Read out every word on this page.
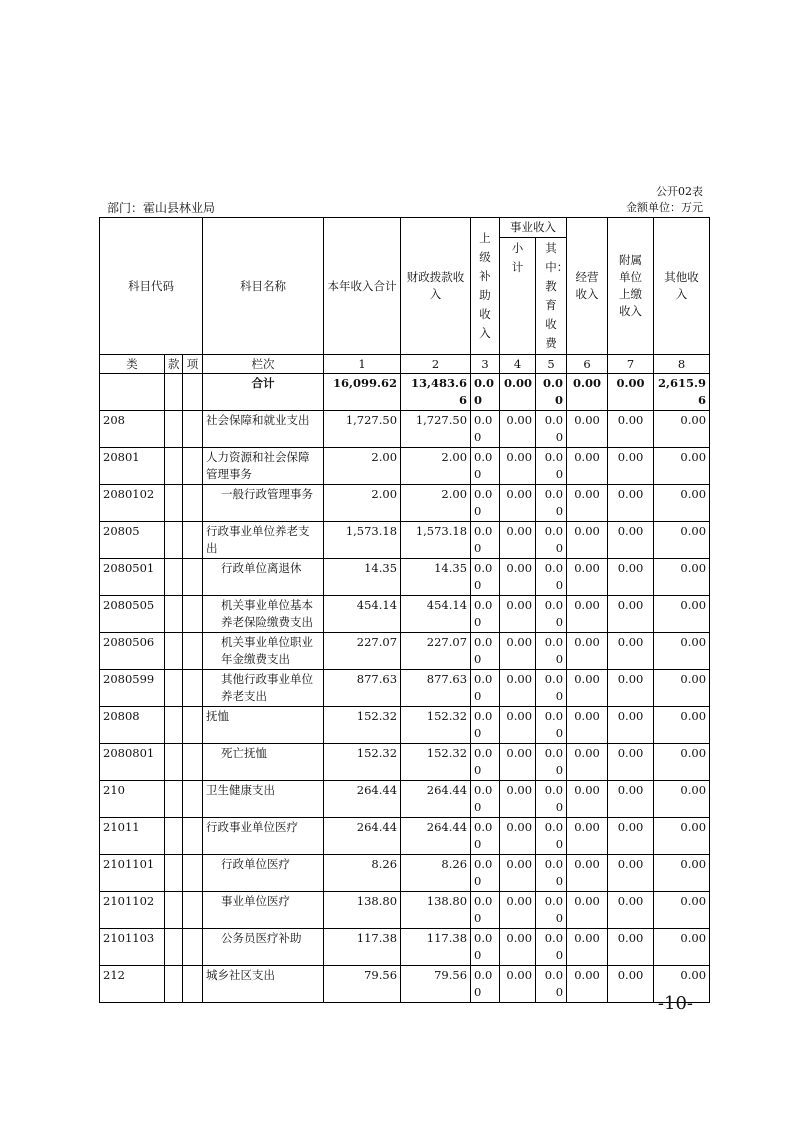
公开02表
部门：霍山县林业局	金额单位：万元
科目代码			科目名称	本年收入合计	财政拨款收入	上级补助收入	事业收入		经营收入	附属单位上缴收入	其他收入

							小计	其中：教育收费			

类	款	项	栏次	1	2	3	4	5	6	7	8
			合计	16,099.62	13,483.66	0.00	0.00	0.00	0.00	0.00	2,615.96
208			社会保障和就业支出	1,727.50	1,727.50	0.00	0.00	0.00	0.00	0.00	0.00
20801			人力资源和社会保障管理事务	2.00	2.00	0.00	0.00	0.00	0.00	0.00	0.00
2080102			一般行政管理事务	2.00	2.00	0.00	0.00	0.00	0.00	0.00	0.00
20805			行政事业单位养老支出	1,573.18	1,573.18	0.00	0.00	0.00	0.00	0.00	0.00
2080501			行政单位离退休	14.35	14.35	0.00	0.00	0.00	0.00	0.00	0.00
2080505			机关事业单位基本养老保险缴费支出	454.14	454.14	0.00	0.00	0.00	0.00	0.00	0.00
2080506			机关事业单位职业年金缴费支出	227.07	227.07	0.00	0.00	0.00	0.00	0.00	0.00
2080599			其他行政事业单位养老支出	877.63	877.63	0.00	0.00	0.00	0.00	0.00	0.00
20808			抚恤	152.32	152.32	0.00	0.00	0.00	0.00	0.00	0.00
2080801			死亡抚恤	152.32	152.32	0.00	0.00	0.00	0.00	0.00	0.00
210			卫生健康支出	264.44	264.44	0.00	0.00	0.00	0.00	0.00	0.00
21011			行政事业单位医疗	264.44	264.44	0.00	0.00	0.00	0.00	0.00	0.00
2101101			行政单位医疗	8.26	8.26	0.00	0.00	0.00	0.00	0.00	0.00
2101102			事业单位医疗	138.80	138.80	0.00	0.00	0.00	0.00	0.00	0.00
2101103			公务员医疗补助	117.38	117.38	0.00	0.00	0.00	0.00	0.00	0.00
212			城乡社区支出	79.56	79.56	0.00	0.00	0.00	0.00	0.00	0.00
-10-
